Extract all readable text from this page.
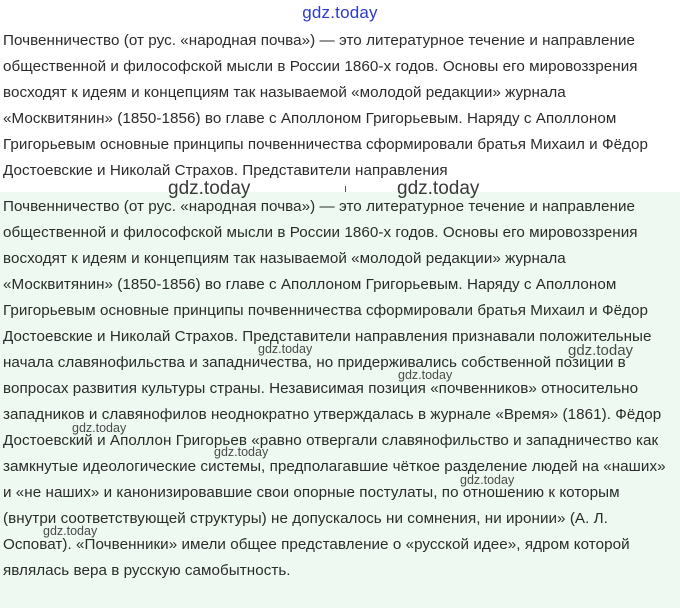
gdz.today

Почвенничество (от рус. «народная почва») — это литературное течение и направление общественной и философской мысли в России 1860-х годов. Основы его мировоззрения восходят к идеям и концепциям так называемой «молодой редакции» журнала «Москвитянин» (1850-1856) во главе с Аполлоном Григорьевым. Наряду с Аполлоном Григорьевым основные принципы почвенничества сформировали братья Михаил и Фёдор Достоевские и Николай Страхов. Представители направления

Почвенничество (от рус. «народная почва») — это литературное течение и направление общественной и философской мысли в России 1860-х годов. Основы его мировоззрения восходят к идеям и концепциям так называемой «молодой редакции» журнала «Москвитянин» (1850-1856) во главе с Аполлоном Григорьевым. Наряду с Аполлоном Григорьевым основные принципы почвенничества сформировали братья Михаил и Фёдор Достоевские и Николай Страхов. Представители направления признавали положительные начала славянофильства и западничества, но придерживались собственной позиции в вопросах развития культуры страны. Независимая позиция «почвенников» относительно западников и славянофилов неоднократно утверждалась в журнале «Время» (1861). Фёдор Достоевский и Аполлон Григорьев «равно отвергали славянофильство и западничество как замкнутые идеологические системы, предполагавшие чёткое разделение людей на «наших» и «не наших» и канонизировавшие свои опорные постулаты, по отношению к которым (внутри соответствующей структуры) не допускалось ни сомнения, ни иронии» (А. Л. Осповат). «Почвенники» имели общее представление о «русской идее», ядром которой являлась вера в русскую самобытность.

gdz.today	gdz.today
gdz.today	gdz.today
gdz.today
gdz.today
gdz.today
gdz.today
gdz.today
